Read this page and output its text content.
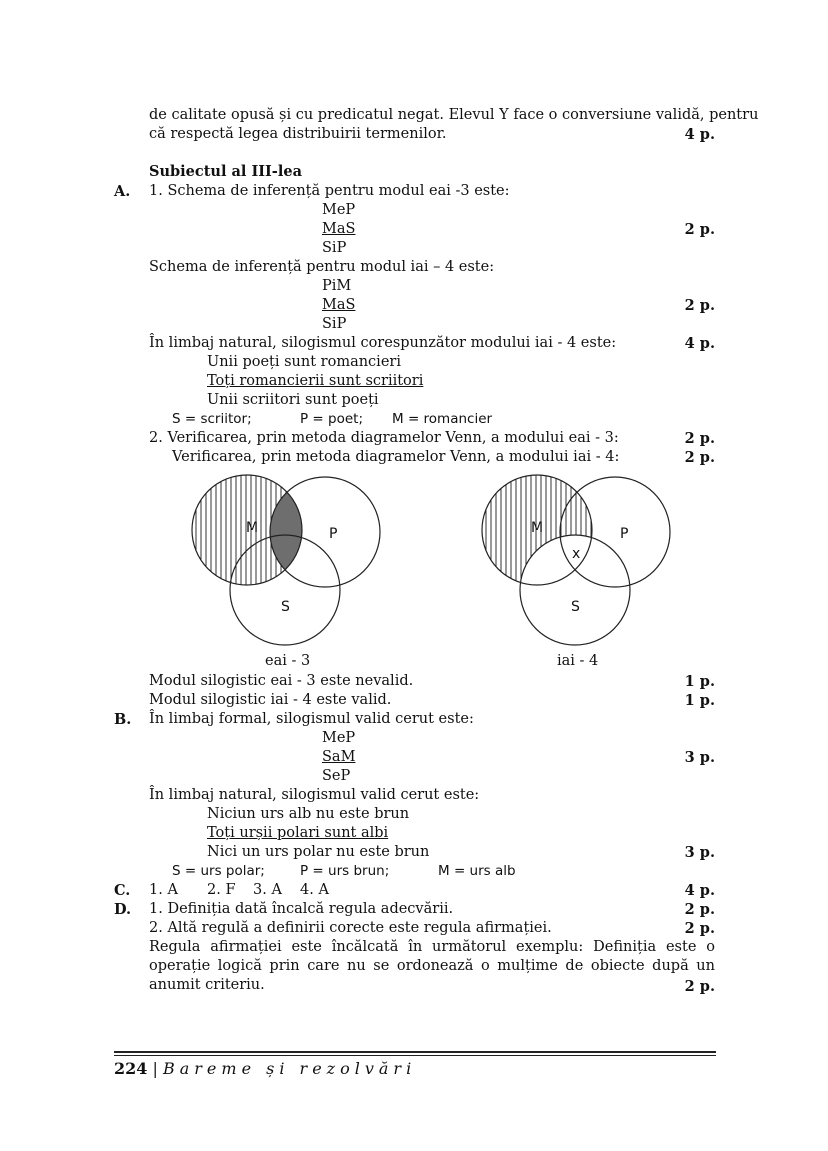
de calitate opusă și cu predicatul negat. Elevul Y face o conversiune validă, pentru
că respectă legea distribuirii termenilor.	4 p.
Subiectul al III-lea
A. 1. Schema de inferență pentru modul eai -3 este:
MeP
MaS	2 p.
SiP
Schema de inferență pentru modul iai – 4 este:
PiM
MaS	2 p.
SiP
În limbaj natural, silogismul corespunzător modului iai - 4 este:	4 p.
Unii poeți sunt romancieri
Toți romancierii sunt scriitori
Unii scriitori sunt poeți
S = scriitor;	P = poet; M = romancier
2. Verificarea, prin metoda diagramelor Venn, a modului eai - 3:	2 p.
Verificarea, prin metoda diagramelor Venn, a modului iai - 4:	2 p.
M	P
S
eai - 3
M	P
S
x
iai - 4
Modul silogistic eai - 3 este nevalid.	1 p.
Modul silogistic iai - 4 este valid.	1 p.
B. În limbaj formal, silogismul valid cerut este:
MeP
SaM	3 p.
SeP
În limbaj natural, silogismul valid cerut este:
Niciun urs alb nu este brun
Toți urșii polari sunt albi
Nici un urs polar nu este brun	3 p.
S = urs polar;	P = urs brun;	M = urs alb
C. 1. A 2. F 3. A 4. A	4 p.
D. 1. Definiția dată încalcă regula adecvării.	2 p.
2. Altă regulă a definirii corecte este regula afirmației.	2 p.
Regula afirmației este încălcată în următorul exemplu: Definiția este o operație logică prin care nu se ordonează o mulțime de obiecte după un anumit criteriu.	2 p.
224 | Bareme și rezolvări
